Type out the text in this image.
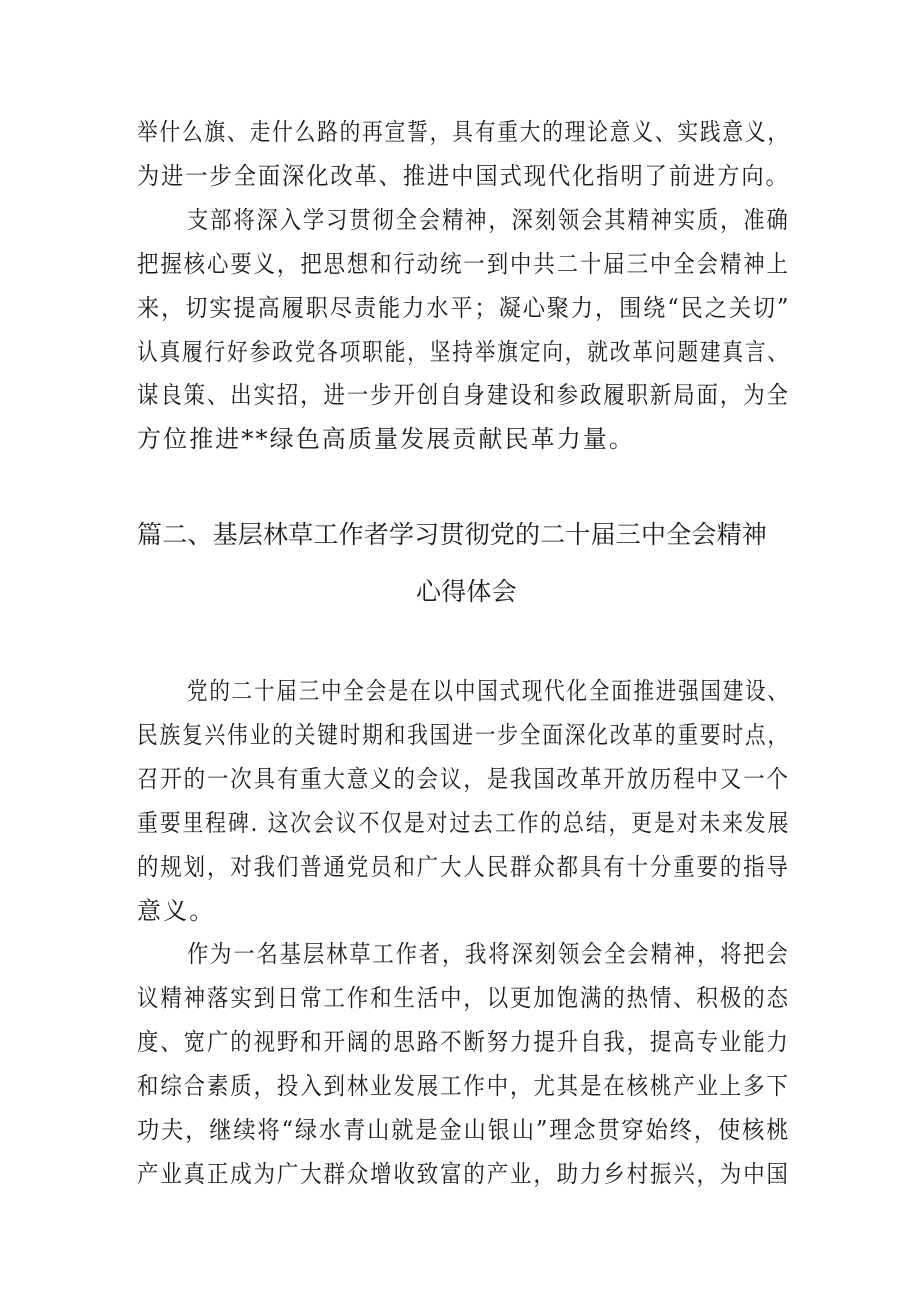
举什么旗、走什么路的再宣誓，具有重大的理论意义、实践意义，
为进一步全面深化改革、推进中国式现代化指明了前进方向。
支部将深入学习贯彻全会精神，深刻领会其精神实质，准确
把握核心要义，把思想和行动统一到中共二十届三中全会精神上
来，切实提高履职尽责能力水平；凝心聚力，围绕“民之关切”
认真履行好参政党各项职能，坚持举旗定向，就改革问题建真言、
谋良策、出实招，进一步开创自身建设和参政履职新局面，为全
方位推进**绿色高质量发展贡献民革力量。
篇二、基层林草工作者学习贯彻党的二十届三中全会精神
心得体会
党的二十届三中全会是在以中国式现代化全面推进强国建设、
民族复兴伟业的关键时期和我国进一步全面深化改革的重要时点，
召开的一次具有重大意义的会议，是我国改革开放历程中又一个
重要里程碑. 这次会议不仅是对过去工作的总结，更是对未来发展
的规划，对我们普通党员和广大人民群众都具有十分重要的指导
意义。
作为一名基层林草工作者，我将深刻领会全会精神，将把会
议精神落实到日常工作和生活中，以更加饱满的热情、积极的态
度、宽广的视野和开阔的思路不断努力提升自我，提高专业能力
和综合素质，投入到林业发展工作中，尤其是在核桃产业上多下
功夫，继续将“绿水青山就是金山银山”理念贯穿始终，使核桃
产业真正成为广大群众增收致富的产业，助力乡村振兴，为中国
